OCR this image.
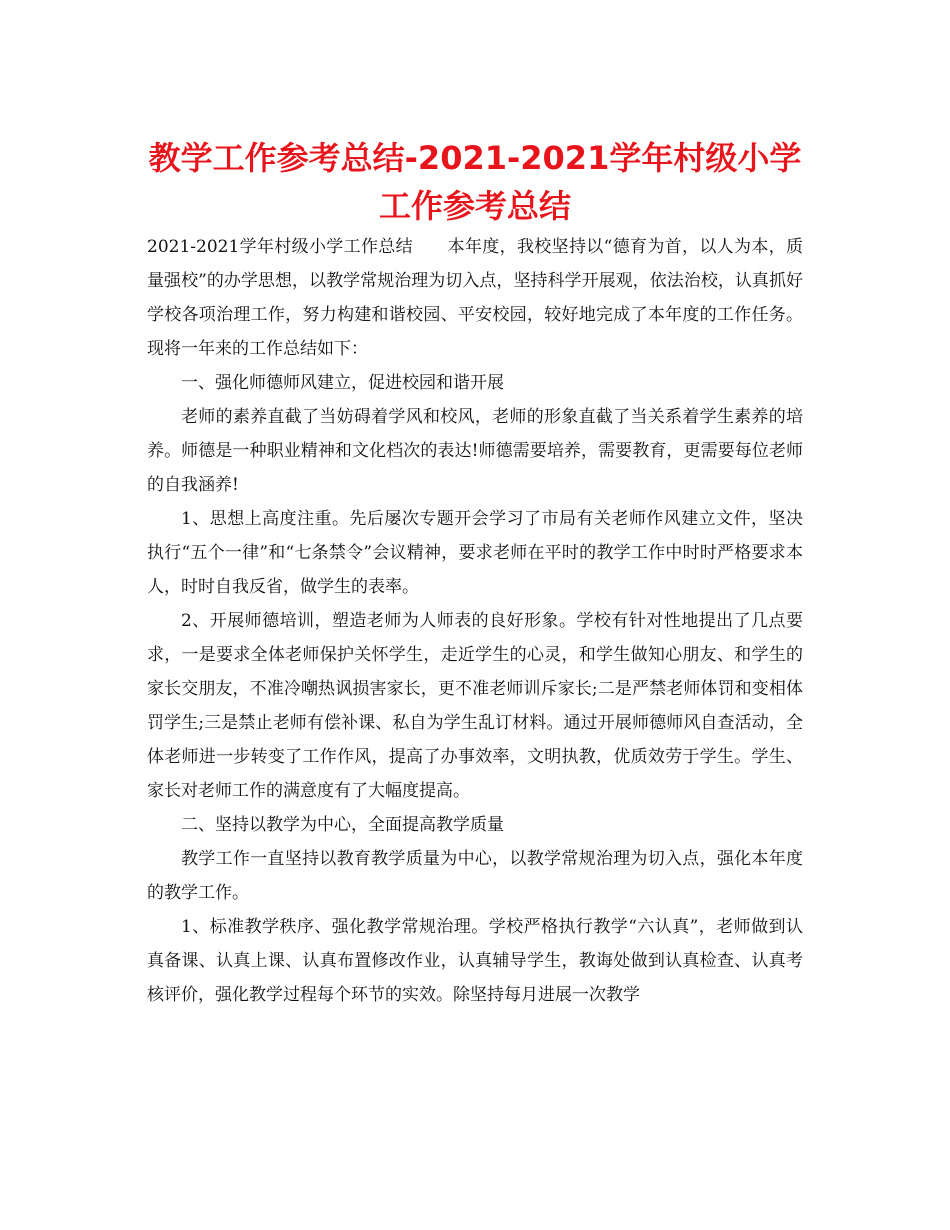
教学工作参考总结-2021-2021学年村级小学工作参考总结

2021-2021学年村级小学工作总结　　本年度，我校坚持以“德育为首，以人为本，质量强校”的办学思想，以教学常规治理为切入点，坚持科学开展观，依法治校，认真抓好学校各项治理工作，努力构建和谐校园、平安校园，较好地完成了本年度的工作任务。现将一年来的工作总结如下：

一、强化师德师风建立，促进校园和谐开展

老师的素养直截了当妨碍着学风和校风，老师的形象直截了当关系着学生素养的培养。师德是一种职业精神和文化档次的表达!师德需要培养，需要教育，更需要每位老师的自我涵养!

1、思想上高度注重。先后屡次专题开会学习了市局有关老师作风建立文件，坚决执行“五个一律”和“七条禁令”会议精神，要求老师在平时的教学工作中时时严格要求本人，时时自我反省，做学生的表率。

2、开展师德培训，塑造老师为人师表的良好形象。学校有针对性地提出了几点要求，一是要求全体老师保护关怀学生，走近学生的心灵，和学生做知心朋友、和学生的家长交朋友，不准冷嘲热讽损害家长，更不准老师训斥家长;二是严禁老师体罚和变相体罚学生;三是禁止老师有偿补课、私自为学生乱订材料。通过开展师德师风自查活动，全体老师进一步转变了工作作风，提高了办事效率，文明执教，优质效劳于学生。学生、家长对老师工作的满意度有了大幅度提高。

二、坚持以教学为中心，全面提高教学质量

教学工作一直坚持以教育教学质量为中心，以教学常规治理为切入点，强化本年度的教学工作。

1、标准教学秩序、强化教学常规治理。学校严格执行教学“六认真”，老师做到认真备课、认真上课、认真布置修改作业，认真辅导学生，教诲处做到认真检查、认真考核评价，强化教学过程每个环节的实效。除坚持每月进展一次教学
